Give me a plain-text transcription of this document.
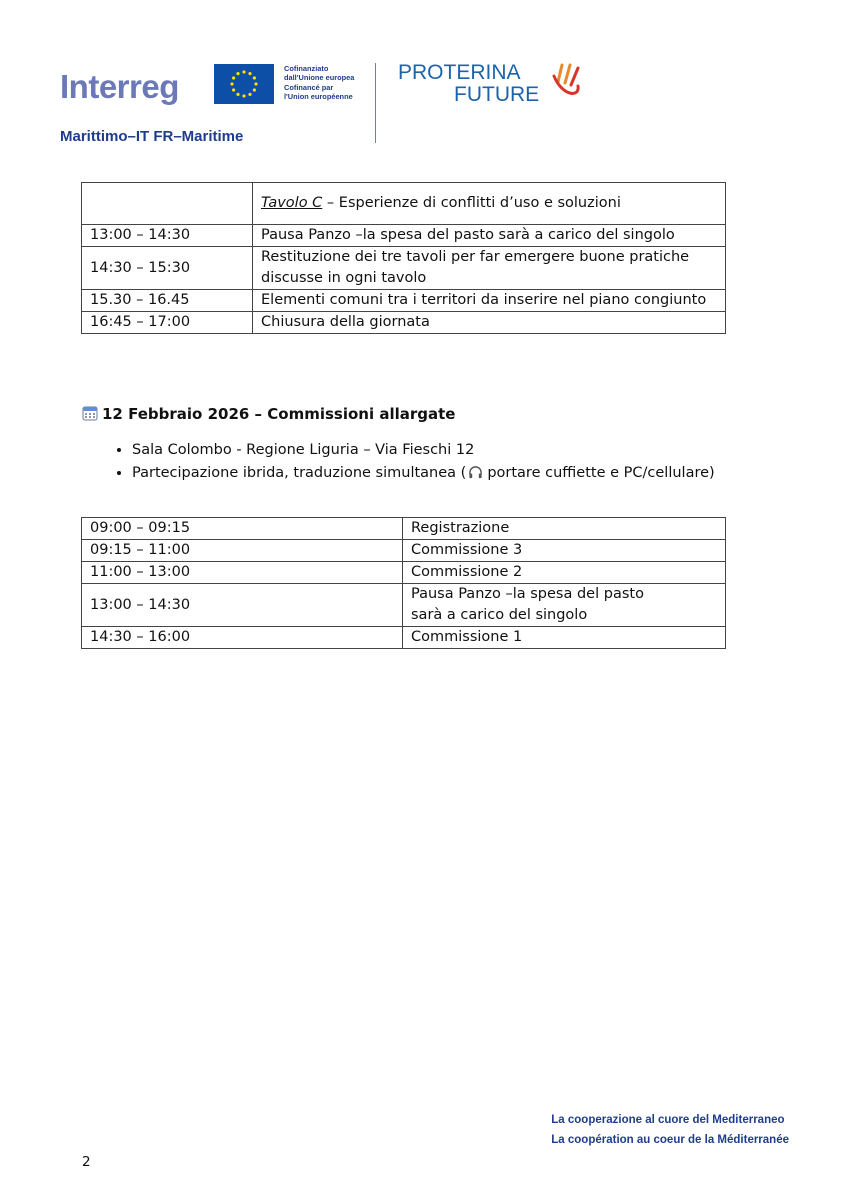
Interreg	Cofinanziato
dall'Unione europea
Cofinancé par
l'Union européenne
Marittimo–IT FR–Maritime
PROTERINA
FUTURE
	Tavolo C – Esperienze di conflitti d’uso e soluzioni
13:00 – 14:30	Pausa Panzo –la spesa del pasto sarà a carico del singolo
14:30 – 15:30	Restituzione dei tre tavoli per far emergere buone pratiche discusse in ogni tavolo
15.30 – 16.45	Elementi comuni tra i territori da inserire nel piano congiunto
16:45 – 17:00	Chiusura della giornata
12 Febbraio 2026 – Commissioni allargate
• Sala Colombo - Regione Liguria – Via Fieschi 12
• Partecipazione ibrida, traduzione simultanea ( portare cuffiette e PC/cellulare)
09:00 – 09:15	Registrazione
09:15 – 11:00	Commissione 3
11:00 – 13:00	Commissione 2
13:00 – 14:30	Pausa Panzo –la spesa del pasto sarà a carico del singolo
14:30 – 16:00	Commissione 1
La cooperazione al cuore del Mediterraneo
La coopération au coeur de la Méditerranée
2
